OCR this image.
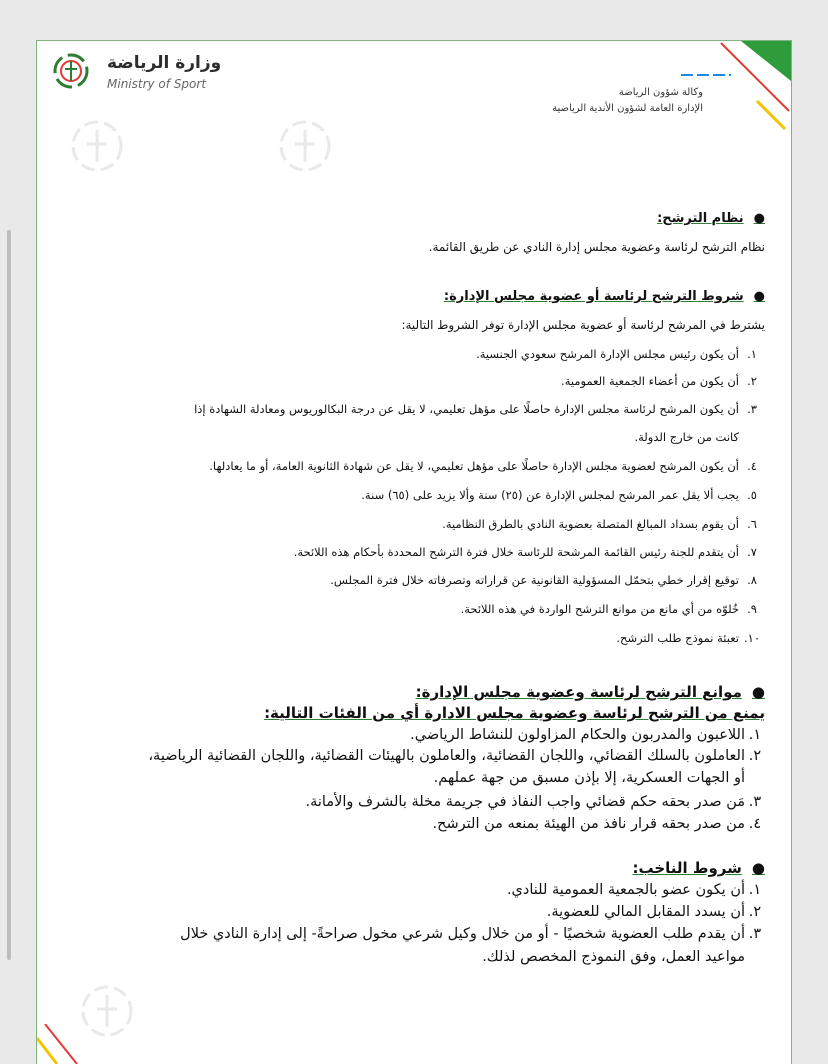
وزارة الرياضة
Ministry of Sport
وكالة شؤون الرياضة
الإدارة العامة لشؤون الأندية الرياضية
●نظام الترشح:
نظام الترشح لرئاسة وعضوية مجلس إدارة النادي عن طريق القائمة.
●شروط الترشح لرئاسة أو عضوية مجلس الإدارة:
يشترط في المرشح لرئاسة أو عضوية مجلس الإدارة توفر الشروط التالية:
١.أن يكون رئيس مجلس الإدارة المرشح سعودي الجنسية.
٢.أن يكون من أعضاء الجمعية العمومية.
٣.أن يكون المرشح لرئاسة مجلس الإدارة حاصلًا على مؤهل تعليمي، لا يقل عن درجة البكالوريوس ومعادلة الشهادة إذا
كانت من خارج الدولة.
٤.أن يكون المرشح لعضوية مجلس الإدارة حاصلًا على مؤهل تعليمي، لا يقل عن شهادة الثانوية العامة، أو ما يعادلها.
٥.يجب ألا يقل عمر المرشح لمجلس الإدارة عن (٢٥) سنة وألا يزيد على (٦٥) سنة.
٦.أن يقوم بسداد المبالغ المتصلة بعضوية النادي بالطرق النظامية.
٧.أن يتقدم للجنة رئيس القائمة المرشحة للرئاسة خلال فترة الترشح المحددة بأحكام هذه اللائحة.
٨.توقيع إقرار خطي بتحمّل المسؤولية القانونية عن قراراته وتصرفاته خلال فترة المجلس.
٩.خُلوّه من أي مانع من موانع الترشح الواردة في هذه اللائحة.
١٠.تعبئة نموذج طلب الترشح.
●موانع الترشح لرئاسة وعضوية مجلس الإدارة:
يمنع من الترشح لرئاسة وعضوية مجلس الادارة أي من الفئات التالية:
١.اللاعبون والمدربون والحكام المزاولون للنشاط الرياضي.
٢.العاملون بالسلك القضائي، واللجان القضائية، والعاملون بالهيئات القضائية، واللجان القضائية الرياضية،
أو الجهات العسكرية، إلا بإذن مسبق من جهة عملهم.
٣.مَن صدر بحقه حكم قضائي واجب النفاذ في جريمة مخلة بالشرف والأمانة.
٤.من صدر بحقه قرار نافذ من الهيئة بمنعه من الترشح.
●شروط الناخب:
١.أن يكون عضو بالجمعية العمومية للنادي.
٢.أن يسدد المقابل المالي للعضوية.
٣.أن يقدم طلب العضوية شخصيًا - أو من خلال وكيل شرعي مخول صراحةً- إلى إدارة النادي خلال
مواعيد العمل، وفق النموذج المخصص لذلك.
